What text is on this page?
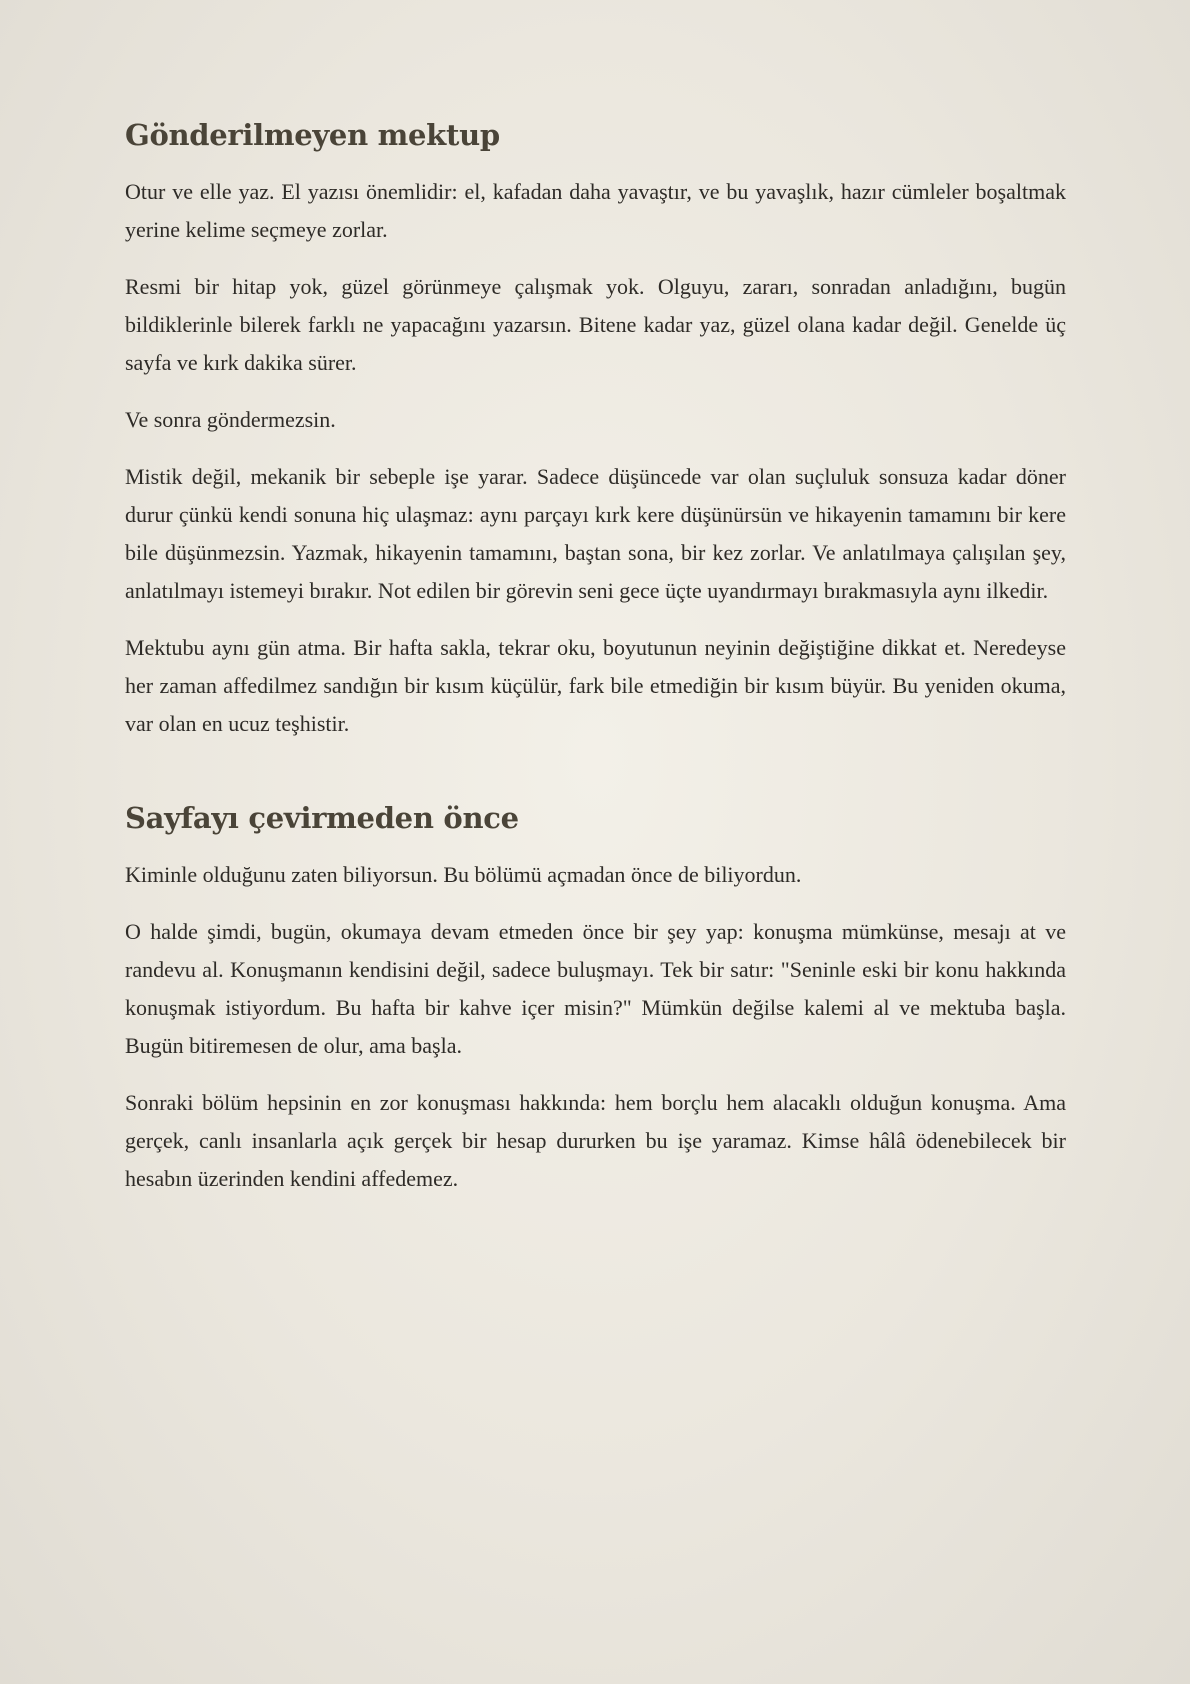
Gönderilmeyen mektup

Otur ve elle yaz. El yazısı önemlidir: el, kafadan daha yavaştır, ve bu yavaşlık, hazır cümleler boşaltmak yerine kelime seçmeye zorlar.

Resmi bir hitap yok, güzel görünmeye çalışmak yok. Olguyu, zararı, sonradan anladığını, bugün bildiklerinle bilerek farklı ne yapacağını yazarsın. Bitene kadar yaz, güzel olana kadar değil. Genelde üç sayfa ve kırk dakika sürer.

Ve sonra göndermezsin.

Mistik değil, mekanik bir sebeple işe yarar. Sadece düşüncede var olan suçluluk sonsuza kadar döner durur çünkü kendi sonuna hiç ulaşmaz: aynı parçayı kırk kere düşünürsün ve hikayenin tamamını bir kere bile düşünmezsin. Yazmak, hikayenin tamamını, baştan sona, bir kez zorlar. Ve anlatılmaya çalışılan şey, anlatılmayı istemeyi bırakır. Not edilen bir görevin seni gece üçte uyandırmayı bırakmasıyla aynı ilkedir.

Mektubu aynı gün atma. Bir hafta sakla, tekrar oku, boyutunun neyinin değiştiğine dikkat et. Neredeyse her zaman affedilmez sandığın bir kısım küçülür, fark bile etmediğin bir kısım büyür. Bu yeniden okuma, var olan en ucuz teşhistir.

Sayfayı çevirmeden önce

Kiminle olduğunu zaten biliyorsun. Bu bölümü açmadan önce de biliyordun.

O halde şimdi, bugün, okumaya devam etmeden önce bir şey yap: konuşma mümkünse, mesajı at ve randevu al. Konuşmanın kendisini değil, sadece buluşmayı. Tek bir satır: "Seninle eski bir konu hakkında konuşmak istiyordum. Bu hafta bir kahve içer misin?" Mümkün değilse kalemi al ve mektuba başla. Bugün bitiremesen de olur, ama başla.

Sonraki bölüm hepsinin en zor konuşması hakkında: hem borçlu hem alacaklı olduğun konuşma. Ama gerçek, canlı insanlarla açık gerçek bir hesap dururken bu işe yaramaz. Kimse hâlâ ödenebilecek bir hesabın üzerinden kendini affedemez.
